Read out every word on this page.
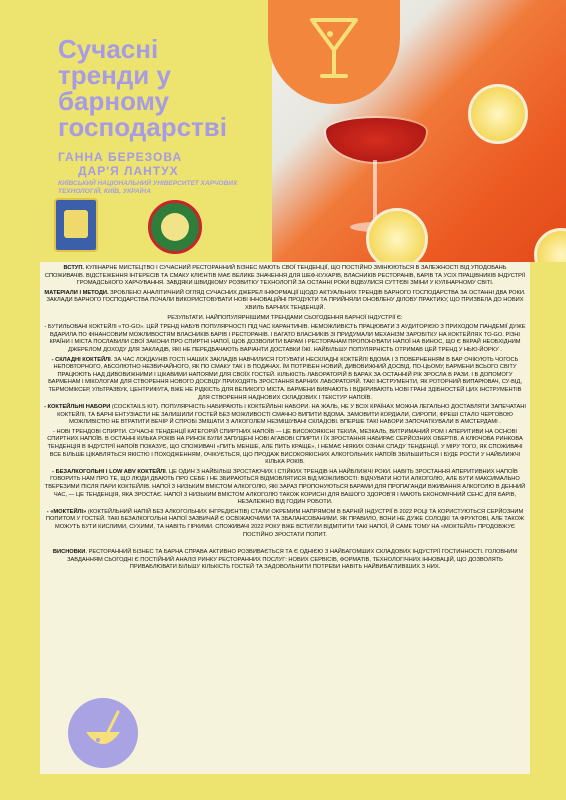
Сучасні
тренди у
барному
господарстві
ГАННА БЕРЕЗОВА
ДАР'Я ЛАНТУХ
КИЇВСЬКИЙ НАЦІОНАЛЬНИЙ УНІВЕРСИТЕТ ХАРЧОВИХ ТЕХНОЛОГІЙ, КИЇВ, УКРАЇНА

ВСТУП. КУЛІНАРНЕ МИСТЕЦТВО І СУЧАСНИЙ РЕСТОРАННИЙ БІЗНЕС МАЮТЬ СВОЇ ТЕНДЕНЦІЇ, ЩО ПОСТІЙНО ЗМІНЮЮТЬСЯ В ЗАЛЕЖНОСТІ ВІД УПОДОБАНЬ СПОЖИВАЧІВ. ВІДСТЕЖЕННЯ ІНТЕРЕСІВ ТА СМАКУ КЛІЄНТІВ МАЄ ВЕЛИКЕ ЗНАЧЕННЯ ДЛЯ ШЕФ-КУХАРІВ, ВЛАСНИКІВ РЕСТОРАНІВ, БАРІВ ТА УСІХ ПРАЦІВНИКІВ ІНДУСТРІЇ ГРОМАДСЬКОГО ХАРЧУВАННЯ. ЗАВДЯКИ ШВИДКОМУ РОЗВИТКУ ТЕХНОЛОГІЙ ЗА ОСТАННІ РОКИ ВІДБУЛИСЯ СУТТЄВІ ЗМІНИ У КУЛІНАРНОМУ СВІТІ.

МАТЕРІАЛИ І МЕТОДИ. ЗРОБЛЕНО АНАЛІТИЧНИЙ ОГЛЯД СУЧАСНИХ ДЖЕРЕЛ ІНФОРМАЦІЇ ЩОДО АКТУАЛЬНИХ ТРЕНДІВ БАРНОГО ГОСПОДАРСТВА ЗА ОСТАННІ ДВА РОКИ. ЗАКЛАДИ БАРНОГО ГОСПОДАРСТВА ПОЧАЛИ ВИКОРИСТОВУВАТИ НОВІ ІННОВАЦІЙНІ ПРОДУКТИ ТА ПРИЙНЯЛИ ОНОВЛЕНУ ДІЛОВУ ПРАКТИКУ, ЩО ПРИЗВЕЛА ДО НОВИХ ХВИЛЬ БАРНИХ ТЕНДЕНЦІЙ.

РЕЗУЛЬТАТИ. НАЙПОПУЛЯРНІШИМИ ТРЕНДАМИ СЬОГОДЕННЯ БАРНОЇ ІНДУСТРІЇ Є:

- БУТИЛЬОВАНІ КОКТЕЙЛІ «TO-GO». ЦЕЙ ТРЕНД НАБУВ ПОПУЛЯРНОСТІ ПІД ЧАС КАРАНТИНІВ. НЕМОЖЛИВІСТЬ ПРАЦЮВАТИ З АУДИТОРІЄЮ З ПРИХОДОМ ПАНДЕМІЇ ДУЖЕ ВДАРИЛА ПО ФІНАНСОВИМ МОЖЛИВОСТЯМ ВЛАСНИКІВ БАРІВ І РЕСТОРАНІВ. І БАГАТО ВЛАСНИКІВ ЗІ ПРИДУМАЛИ МЕХАНІЗМ ЗАРОБІТКУ НА КОКТЕЙЛЯХ TO-GO. РІЗНІ КРАЇНИ І МІСТА ПОСЛАБИЛИ СВОЇ ЗАКОНИ ПРО СПИРТНІ НАПОЇ, ЩОБ ДОЗВОЛИТИ БАРАМ І РЕСТОРАНАМ ПРОПОНУВАТИ НАПОЇ НА ВИНОС, ЩО Є ВКРАЙ НЕОБХІДНИМ ДЖЕРЕЛОМ ДОХОДУ ДЛЯ ЗАКЛАДІВ, ЯКІ НЕ ПЕРЕДБАЧАЮТЬ ВАРІАНТИ ДОСТАВКИ ЇЖІ. НАЙБІЛЬШУ ПОПУЛЯРНІСТЬ ОТРИМАВ ЦЕЙ ТРЕНД У НЬЮ-ЙОРКУ .

- СКЛАДНІ КОКТЕЙЛІ. ЗА ЧАС ЛОКДАУНІВ ГОСТІ НАШИХ ЗАКЛАДІВ НАВЧИЛИСЯ ГОТУВАТИ НЕСКЛАДНІ КОКТЕЙЛІ ВДОМА І З ПОВЕРНЕННЯМ В БАР ОЧІКУЮТЬ ЧОГОСЬ НЕПОВТОРНОГО, АБСОЛЮТНО НЕЗВИЧАЙНОГО, ЯК ПО СМАКУ ТАК І В ПОДАЧАХ. ЇМ ПОТРІБЕН НОВИЙ, ДИВОВИЖНИЙ ДОСВІД. ПО-ЦЬОМУ, БАРМЕНИ ВСЬОГО СВІТУ ПРАЦЮЮТЬ НАД ДИВОВИЖНИМИ І ЦІКАВИМИ НАПОЯМИ ДЛЯ СВОЇХ ГОСТЕЙ. КІЛЬКІСТЬ ЛАБОРАТОРІЙ В БАРАХ ЗА ОСТАННІЙ РІК ЗРОСЛА В РАЗИ. І В ДОПОМОГУ БАРМЕНАМ І МІКОЛОГАМ ДЛЯ СТВОРЕННЯ НОВОГО ДОСВІДУ ПРИХОДЯТЬ ЗРОСТАННЯ БАРНИХ ЛАБОРАТОРІЙ. ТАКІ ІНСТРУМЕНТИ, ЯК РОТОРНИЙ ВИПАРЮВАЧ, СУ-ВІД, ТЕРМОМІКСЕР, УЛЬТРАЗВУК, ЦЕНТРИФУГА, ВЖЕ НЕ РІДКІСТЬ ДЛЯ ВЕЛИКОГО МІСТА. БАРМЕНИ ВИВЧАЮТЬ І ВІДКРИВАЮТЬ НОВІ ГРАНІ ЗДІБНОСТЕЙ ЦИХ ІНСТРУМЕНТІВ ДЛЯ СТВОРЕННЯ НАДНОВИХ СКЛАДОВИХ І ТЕКСТУР НАПОЇВ.

- КОКТЕЙЛЬНІ НАБОРИ (COCKTAILS KIT). ПОПУЛЯРНІСТЬ НАБИРАЮТЬ І КОКТЕЙЛЬНІ НАБОРИ. НА ЖАЛЬ, НЕ У ВСІХ КРАЇНАХ МОЖНА ЛЕГАЛЬНО ДОСТАВЛЯТИ ЗАПЕЧАТАНІ КОКТЕЙЛІ, ТА БАРНІ ЕНТУЗІАСТИ НЕ ЗАЛИШИЛИ ГОСТЕЙ БЕЗ МОЖЛИВОСТІ СМАЧНО ВИПИТИ ВДОМА. ЗАМОВИТИ КОРДІАЛИ, СИРОПИ, ФРЕШІ СТАЛО ЧЕРГОВОЮ МОЖЛИВІСТЮ НЕ ВТРАТИТИ ВЕЧІР Й СПРОБІ ЗМІШАТИ З АЛКОГОЛЕМ НЕЗМІШУВАНІ СКЛАДОВІ. ВПЕРШЕ ТАКІ НАБОРИ ЗАПОЧАТКУВАЛИ В АМСТЕРДАМІ .

- НОВІ ТРЕНДОВІ СПИРТИ. СУЧАСНІ ТЕНДЕНЦІЇ КАТЕГОРІЙ СПИРТНИХ НАПОЇВ — ЦЕ ВИСОКОЯКІСНІ ТЕКІЛА, МЕЗКАЛЬ, ВИТРИМАНИЙ РОМ І АПЕРИТИВИ НА ОСНОВІ СПИРТНИХ НАПОЇВ. В ОСТАННІ КІЛЬКА РОКІВ НА РИНОК БУЛИ ЗАПУЩЕНІ НОВІ АГАВОВІ СПИРТИ І ЇХ ЗРОСТАННЯ НАБИРАЄ СЕРЙОЗНИХ ОБЕРТІВ. А КЛЮЧОВА РИНКОВА ТЕНДЕНЦІЯ В ІНДУСТРІЇ НАПОЇВ ПОКАЗУЄ, ЩО СПОЖИВАЧІ «ПИТЬ МЕНШЕ, АЛЕ ПИТЬ КРАЩЕ», І НЕМАЄ НІЯКИХ ОЗНАК СПАДУ ТЕНДЕНЦІЇ. У МІРУ ТОГО, ЯК СПОЖИВАЧІ ВСЕ БІЛЬШЕ ЦІКАВЛЯТЬСЯ ЯКІСТЮ І ПОХОДЖЕННЯМ, ОЧІКУЄТЬСЯ, ЩО ПРОДАЖ ВИСОКОЯКІСНИХ АЛКОГОЛЬНИХ НАПОЇВ ЗБІЛЬШИТЬСЯ І БУДЕ РОСТИ У НАЙБЛИЖЧІ КІЛЬКА РОКІВ.

- БЕЗАЛКОГОЛЬНІ І LOW ABV КОКТЕЙЛІ. ЦЕ ОДИН З НАЙБІЛЬШ ЗРОСТАЮЧИХ І СТІЙКИХ ТРЕНДІВ НА НАЙБЛИЖЧІ РОКИ. НАВІТЬ ЗРОСТАННЯ АПЕРИТИВНИХ НАПОЇВ ГОВОРИТЬ НАМ ПРО ТЕ, ЩО ЛЮДИ ДБАЮТЬ ПРО СЕБЕ І НЕ ЗБИРАЮТЬСЯ ВІДМОВЛЯТИСЯ ВІД МОЖЛИВОСТІ: ВІДЧУВАТИ НОТИ АЛКОГОЛЮ, АЛЕ БУТИ МАКСИМАЛЬНО ТВЕРЕЗИМИ ПІСЛЯ ПАРИ КОКТЕЙЛІВ. НАПОЇ З НИЗЬКИМ ВМІСТОМ АЛКОГОЛЮ, ЯКІ ЗАРАЗ ПРОПОНУЮТЬСЯ БАРАМИ ДЛЯ ПРОПАГАНДИ ВЖИВАННЯ АЛКОГОЛЮ В ДЕННИЙ ЧАС, — ЦЕ ТЕНДЕНЦІЯ, ЯКА ЗРОСТАЄ. НАПОЇ З НИЗЬКИМ ВМІСТОМ АЛКОГОЛЮ ТАКОЖ КОРИСНІ ДЛЯ ВАШОГО ЗДОРОВ'Я І МАЮТЬ ЕКОНОМІЧНИЙ СЕНС ДЛЯ БАРІВ, НЕЗАЛЕЖНО ВІД ГОДИН РОБОТИ.

- «МОКТЕЙЛІ» (КОКТЕЙЛЬНИЙ НАПІЙ БЕЗ АЛКОГОЛЬНИХ ІНГРЕДІЄНТІВ) СТАЛИ ОКРЕМИМ НАПРЯМОМ В БАРНІЙ ІНДУСТРІЇ В 2022 РОЦІ ТА КОРИСТУЮТЬСЯ СЕРЙОЗНИМ ПОПИТОМ У ГОСТЕЙ. ТАКІ БЕЗАЛКОГОЛЬНІ НАПОЇ ЗАЗВИЧАЙ Є ОСВІЖАЮЧИМИ ТА ЗБАЛАНСОВАНИМИ. ЯК ПРАВИЛО, ВОНИ НЕ ДУЖЕ СОЛОДКІ ТА ФРУКТОВІ, АЛЕ ТАКОЖ МОЖУТЬ БУТИ КИСЛИМИ, СУХИМИ, ТА НАВІТЬ ГІРКИМИ. СПОЖИВАЧІ 2022 РОКУ ВЖЕ ВСТИГЛИ ВІДМІТИТИ ТАКІ НАПОЇ, Й САМЕ ТОМУ НА «МОКТЕЙЛІ» ПРОДОВЖУЄ ПОСТІЙНО ЗРОСТАТИ ПОПИТ.

ВИСНОВКИ. РЕСТОРАННИЙ БІЗНЕС ТА БАРНА СПРАВА АКТИВНО РОЗВИВАЄТЬСЯ ТА Є ОДНІЄЮ З НАЙБАГОМШИХ СКЛАДОВИХ ІНДУСТРІЇ ГОСТИННОСТІ. ГОЛОВНИМ ЗАВДАННЯМ СЬОГОДНІ Є ПОСТІЙНИЙ АНАЛІЗ РИНКУ РЕСТОРАННИХ ПОСЛУГ: НОВИХ СЕРВІСІВ, ФОРМАТІВ, ТЕХНОЛОГІЧНИХ ІННОВАЦІЙ, ЩО ДОЗВОЛЯТЬ ПРИВАБЛЮВАТИ БІЛЬШУ КІЛЬКІСТЬ ГОСТЕЙ ТА ЗАДОВОЛЬНИТИ ПОТРЕБИ НАВІТЬ НАЙВИБАГЛИВІШИХ З НИХ.
